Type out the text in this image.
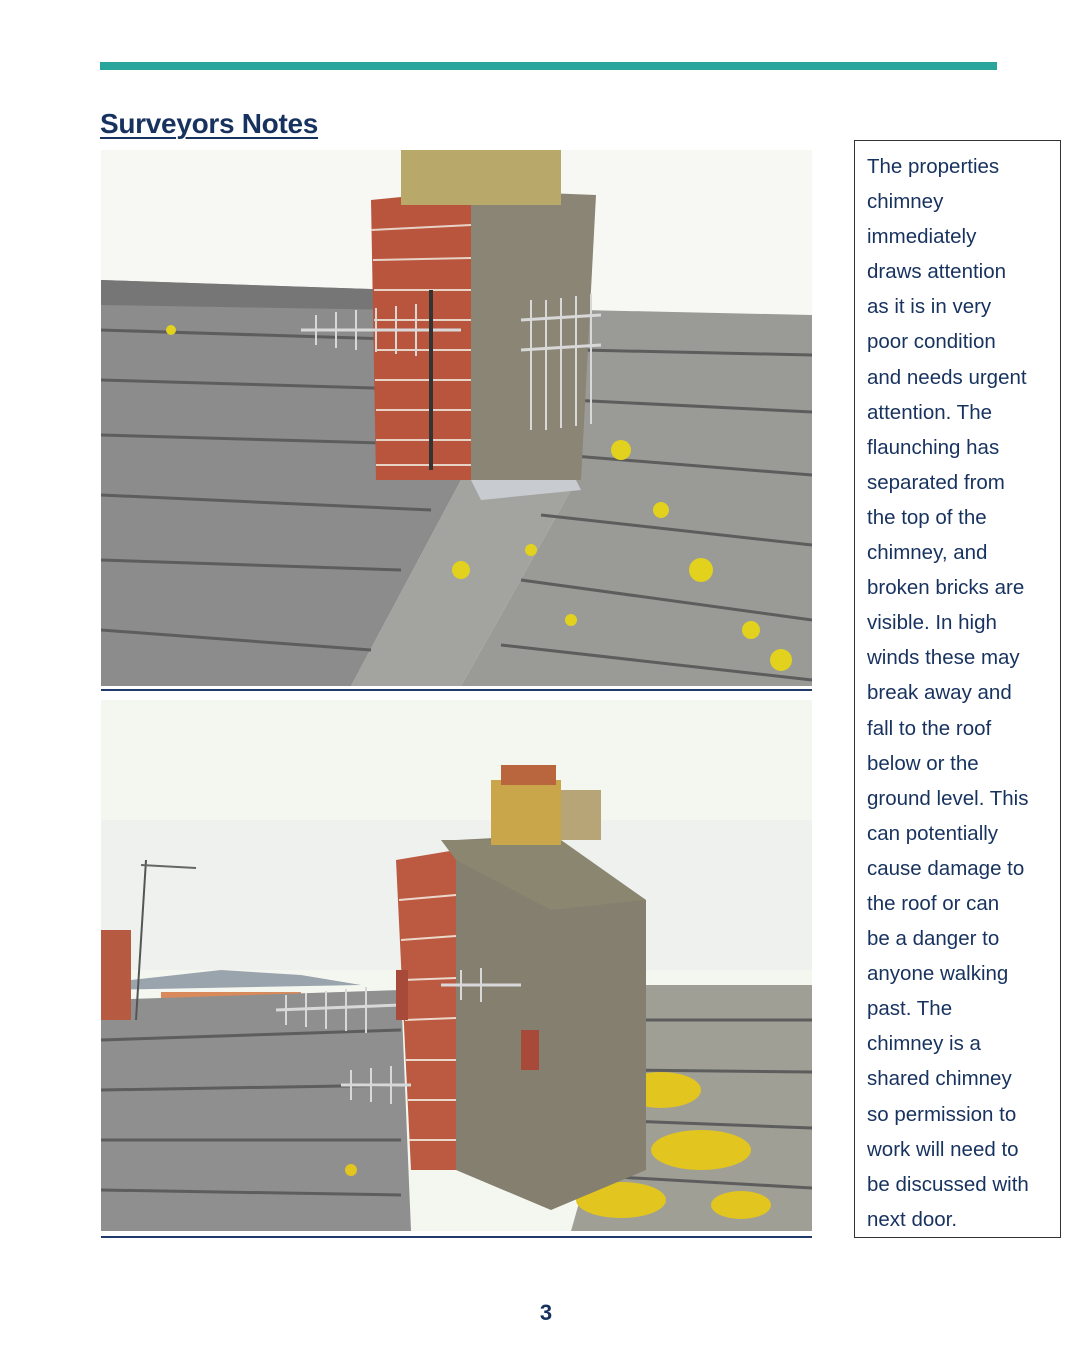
Surveyors Notes
The properties
chimney
immediately
draws attention
as it is in very
poor condition
and needs urgent
attention. The
flaunching has
separated from
the top of the
chimney, and
broken bricks are
visible. In high
winds these may
break away and
fall to the roof
below or the
ground level. This
can potentially
cause damage to
the roof or can
be a danger to
anyone walking
past. The
chimney is a
shared chimney
so permission to
work will need to
be discussed with
next door.
3
